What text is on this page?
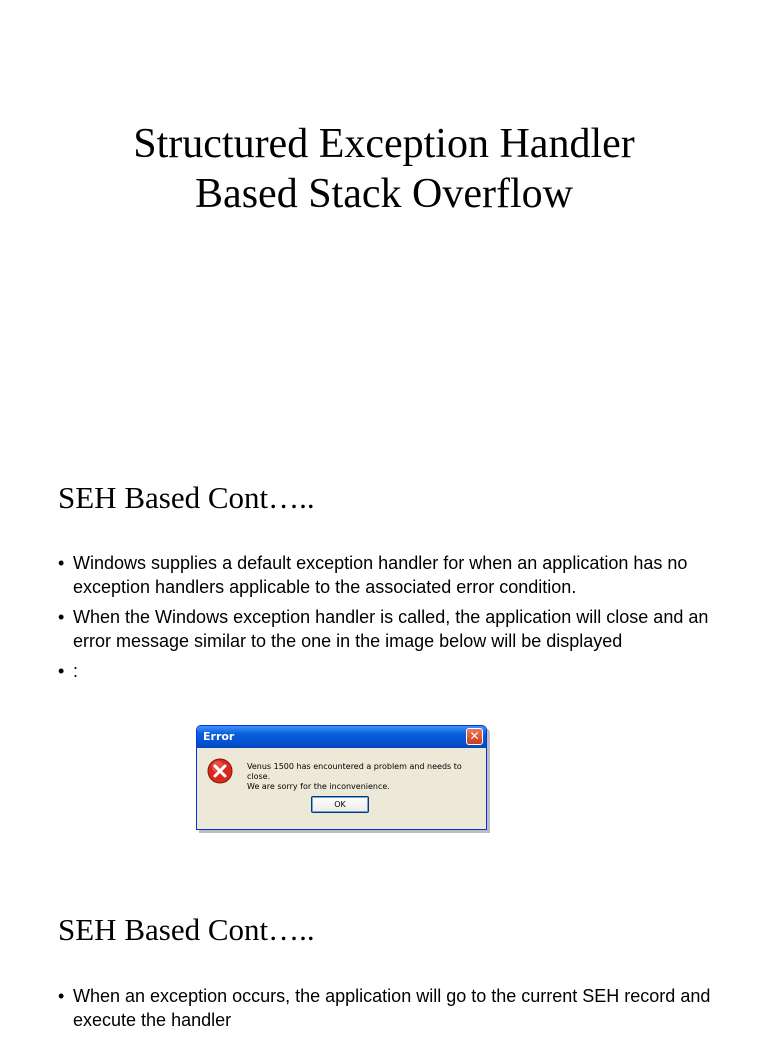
Structured Exception Handler
Based Stack Overflow
SEH Based Cont…..
• Windows supplies a default exception handler for when an application has no exception handlers applicable to the associated error condition.
• When the Windows exception handler is called, the application will close and an error message similar to the one in the image below will be displayed
• :
Error	✕
Venus 1500 has encountered a problem and needs to close.
We are sorry for the inconvenience.
OK
SEH Based Cont…..
• When an exception occurs, the application will go to the current SEH record and execute the handler
